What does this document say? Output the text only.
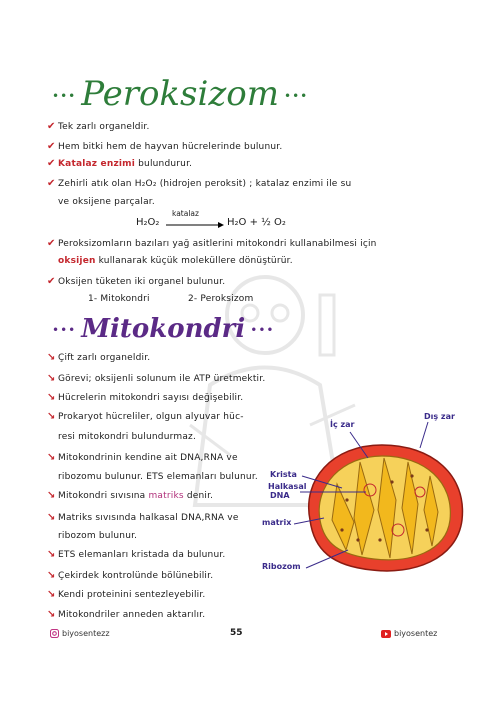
••• Peroksizom •••
✔ Tek zarlı organeldir.
✔ Hem bitki hem de hayvan hücrelerinde bulunur.
✔ Katalaz enzimi bulundurur.
✔ Zehirli atık olan H₂O₂ (hidrojen peroksit) ; katalaz enzimi ile su
ve oksijene parçalar.
H₂O₂
katalaz
→ H₂O + ½ O₂
✔ Peroksizomların bazıları yağ asitlerini mitokondri kullanabilmesi için
oksijen kullanarak küçük moleküllere dönüştürür.
✔ Oksijen tüketen iki organel bulunur.
1- Mitokondri	2- Peroksizom
••• Mitokondri •••
↘ Çift zarlı organeldir.
↘ Görevi; oksijenli solunum ile ATP üretmektir.
↘ Hücrelerin mitokondri sayısı değişebilir.
↘ Prokaryot hücreliler, olgun alyuvar hüc-
resi mitokondri bulundurmaz.
↘ Mitokondrinin kendine ait DNA,RNA ve
ribozomu bulunur. ETS elemanları bulunur.
↘ Mitokondri sıvısına matriks denir.
↘ Matriks sıvısında halkasal DNA,RNA ve
ribozom bulunur.
↘ ETS elemanları kristada da bulunur.
↘ Çekirdek kontrolünde bölünebilir.
↘ Kendi proteinini sentezleyebilir.
↘ Mitokondriler anneden aktarılır.
İç zar
Dış zar
Krista
Halkasal
DNA
matrix
Ribozom
biyosentezz	55	biyosentez
